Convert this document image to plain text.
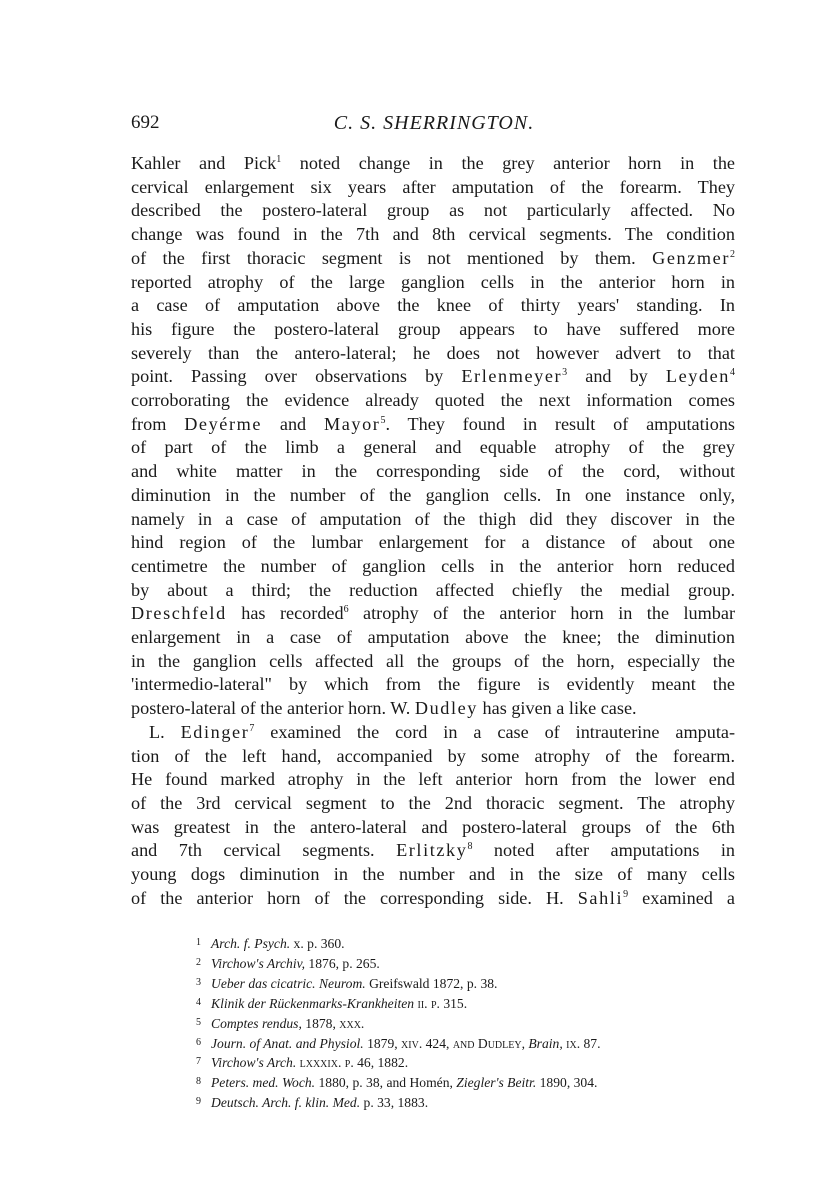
692	C. S. SHERRINGTON.

Kahler and Pick$^1$ noted change in the grey anterior horn in the
cervical enlargement six years after amputation of the forearm. They
described the postero-lateral group as not particularly affected. No
change was found in the 7th and 8th cervical segments. The condition
of the first thoracic segment is not mentioned by them. Genzmer$^2$
reported atrophy of the large ganglion cells in the anterior horn in
a case of amputation above the knee of thirty years' standing. In
his figure the postero-lateral group appears to have suffered more
severely than the antero-lateral; he does not however advert to that
point. Passing over observations by Erlenmeyer$^3$ and by Leyden$^4$
corroborating the evidence already quoted the next information comes
from Deyérme and Mayor$^5$. They found in result of amputations
of part of the limb a general and equable atrophy of the grey
and white matter in the corresponding side of the cord, without
diminution in the number of the ganglion cells. In one instance only,
namely in a case of amputation of the thigh did they discover in the
hind region of the lumbar enlargement for a distance of about one
centimetre the number of ganglion cells in the anterior horn reduced
by about a third; the reduction affected chiefly the medial group.
Dreschfeld has recorded$^6$ atrophy of the anterior horn in the lumbar
enlargement in a case of amputation above the knee; the diminution
in the ganglion cells affected all the groups of the horn, especially the
'intermedio-lateral" by which from the figure is evidently meant the
postero-lateral of the anterior horn. W. Dudley has given a like case.

L. Edinger$^7$ examined the cord in a case of intrauterine amputa-
tion of the left hand, accompanied by some atrophy of the forearm.
He found marked atrophy in the left anterior horn from the lower end
of the 3rd cervical segment to the 2nd thoracic segment. The atrophy
was greatest in the antero-lateral and postero-lateral groups of the 6th
and 7th cervical segments. Erlitzky$^8$ noted after amputations in
young dogs diminution in the number and in the size of many cells
of the anterior horn of the corresponding side. H. Sahli$^9$ examined a

1 Arch. f. Psych. x. p. 360.
2 Virchow's Archiv, 1876, p. 265.
3 Ueber das cicatric. Neurom. Greifswald 1872, p. 38.
4 Klinik der Rückenmarks-Krankheiten ii. p. 315.
5 Comptes rendus, 1878, xxx.
6 Journ. of Anat. and Physiol. 1879, xiv. 424, and Dudley, Brain, ix. 87.
7 Virchow's Arch. lxxxix. p. 46, 1882.
8 Peters. med. Woch. 1880, p. 38, and Homén, Ziegler's Beitr. 1890, 304.
9 Deutsch. Arch. f. klin. Med. p. 33, 1883.
